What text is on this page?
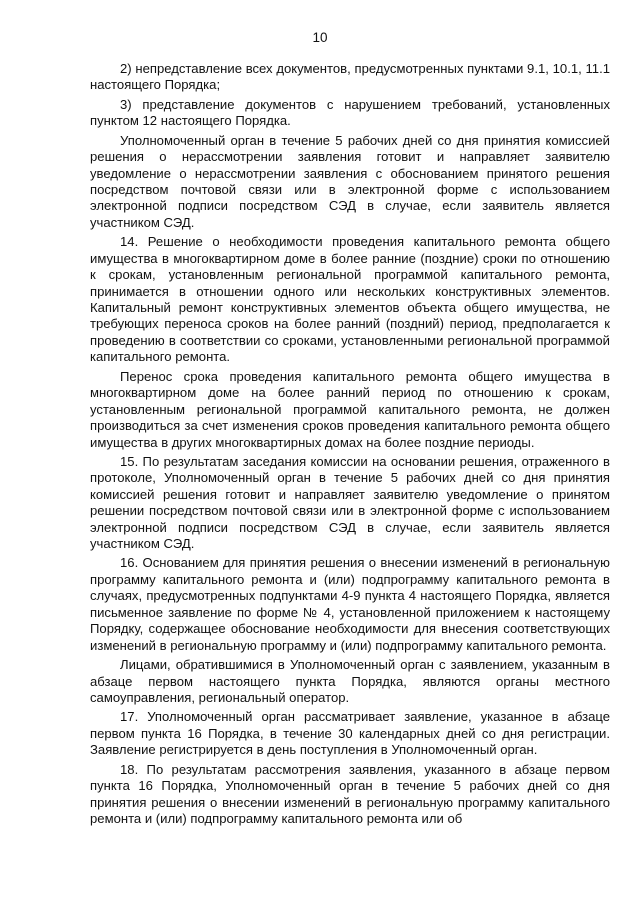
10

2) непредставление всех документов, предусмотренных пунктами 9.1, 10.1, 11.1 настоящего Порядка;

3) представление документов с нарушением требований, установленных пунктом 12 настоящего Порядка.

Уполномоченный орган в течение 5 рабочих дней со дня принятия комиссией решения о нерассмотрении заявления готовит и направляет заявителю уведомление о нерассмотрении заявления с обоснованием принятого решения посредством почтовой связи или в электронной форме с использованием электронной подписи посредством СЭД в случае, если заявитель является участником СЭД.

14. Решение о необходимости проведения капитального ремонта общего имущества в многоквартирном доме в более ранние (поздние) сроки по отношению к срокам, установленным региональной программой капитального ремонта, принимается в отношении одного или нескольких конструктивных элементов. Капитальный ремонт конструктивных элементов объекта общего имущества, не требующих переноса сроков на более ранний (поздний) период, предполагается к проведению в соответствии со сроками, установленными региональной программой капитального ремонта.

Перенос срока проведения капитального ремонта общего имущества в многоквартирном доме на более ранний период по отношению к срокам, установленным региональной программой капитального ремонта, не должен производиться за счет изменения сроков проведения капитального ремонта общего имущества в других многоквартирных домах на более поздние периоды.

15. По результатам заседания комиссии на основании решения, отраженного в протоколе, Уполномоченный орган в течение 5 рабочих дней со дня принятия комиссией решения готовит и направляет заявителю уведомление о принятом решении посредством почтовой связи или в электронной форме с использованием электронной подписи посредством СЭД в случае, если заявитель является участником СЭД.

16. Основанием для принятия решения о внесении изменений в региональную программу капитального ремонта и (или) подпрограмму капитального ремонта в случаях, предусмотренных подпунктами 4-9 пункта 4 настоящего Порядка, является письменное заявление по форме № 4, установленной приложением к настоящему Порядку, содержащее обоснование необходимости для внесения соответствующих изменений в региональную программу и (или) подпрограмму капитального ремонта.

Лицами, обратившимися в Уполномоченный орган с заявлением, указанным в абзаце первом настоящего пункта Порядка, являются органы местного самоуправления, региональный оператор.

17. Уполномоченный орган рассматривает заявление, указанное в абзаце первом пункта 16 Порядка, в течение 30 календарных дней со дня регистрации. Заявление регистрируется в день поступления в Уполномоченный орган.

18. По результатам рассмотрения заявления, указанного в абзаце первом пункта 16 Порядка, Уполномоченный орган в течение 5 рабочих дней со дня принятия решения о внесении изменений в региональную программу капитального ремонта и (или) подпрограмму капитального ремонта или об
